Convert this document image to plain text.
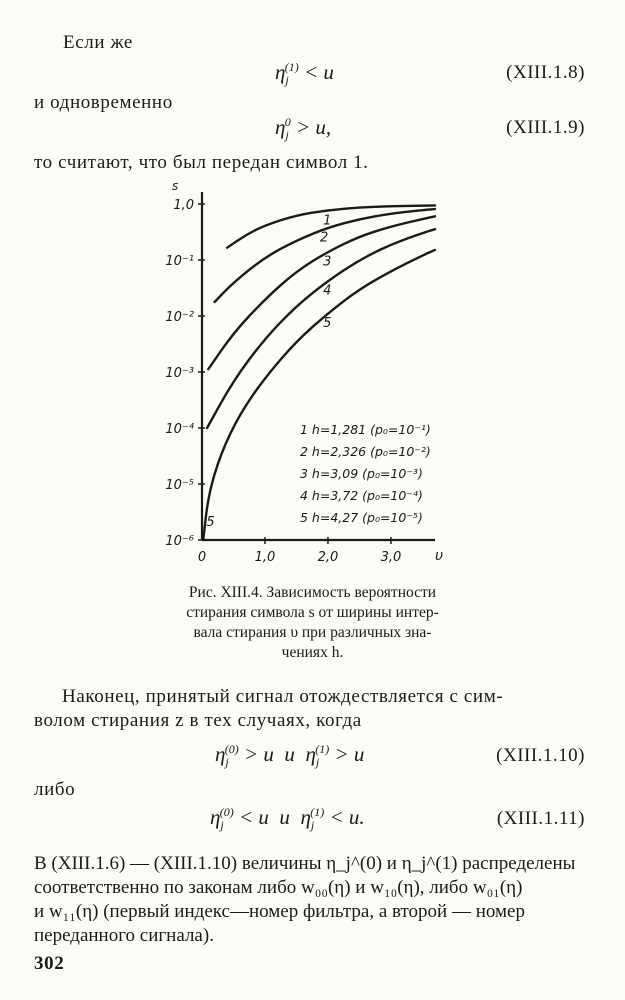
Если же
$\eta_j^{(1)} < u$	(XIII.1.8)
и одновременно
$\eta_j^0 > u$,	(XIII.1.9)
то считают, что был передан символ 1.
s
υ
1,0
10⁻¹
10⁻²
10⁻³
10⁻⁴
10⁻⁵
10⁻⁶
0	1,0	2,0	3,0
1
2
3
4
5
5
1 h=1,281 (p₀=10⁻¹)
2 h=2,326 (p₀=10⁻²)
3 h=3,09 (p₀=10⁻³)
4 h=3,72 (p₀=10⁻⁴)
5 h=4,27 (p₀=10⁻⁵)
Рис. XIII.4. Зависимость вероятности
стирания символа s от ширины интер-
вала стирания υ при различных зна-
чениях h.
Наконец, принятый сигнал отождествляется с сим-
волом стирания z в тех случаях, когда
$\eta_j^{(0)} > u$  и  $\eta_j^{(1)} > u$	(XIII.1.10)
либо
$\eta_j^{(0)} < u$  и  $\eta_j^{(1)} < u$.	(XIII.1.11)
В (XIII.1.6) — (XIII.1.10) величины η_j^(0) и η_j^(1) распределены
соответственно по законам либо w₀₀(η) и w₁₀(η), либо w₀₁(η)
и w₁₁(η) (первый индекс—номер фильтра, а второй — номер
переданного сигнала).
302
